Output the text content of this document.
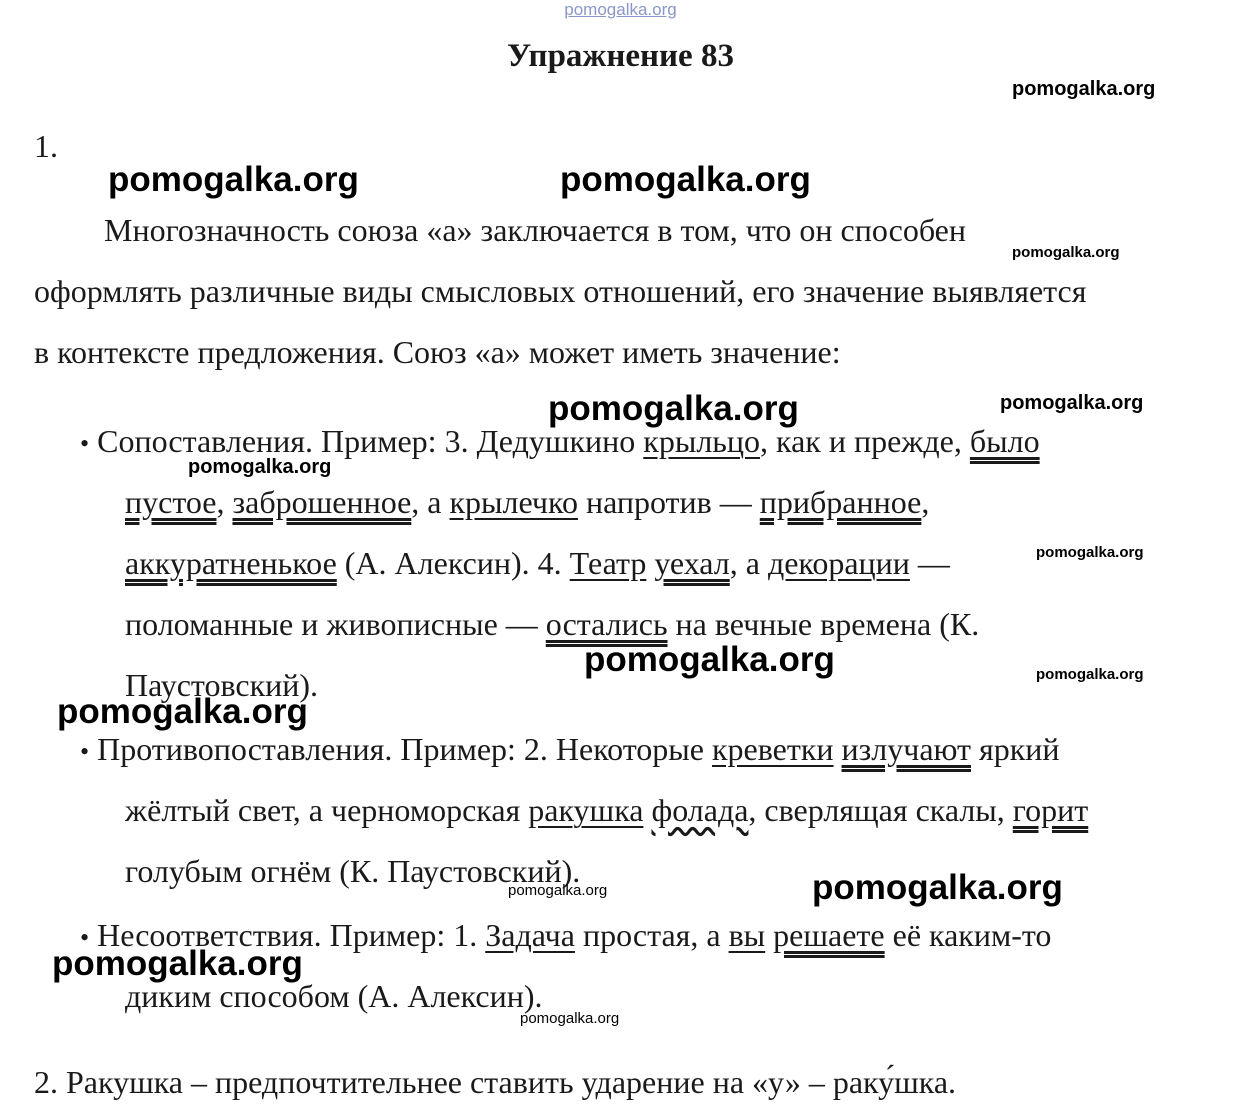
pomogalka.org
Упражнение 83
1.
Многозначность союза «а» заключается в том, что он способен
оформлять различные виды смысловых отношений, его значение выявляется
в контексте предложения. Союз «а» может иметь значение:
• Сопоставления. Пример: 3. Дедушкино крыльцо, как и прежде, было
пустое, заброшенное, а крылечко напротив — прибранное,
аккуратненькое (А. Алексин). 4. Театр уехал, а декорации —
поломанные и живописные — остались на вечные времена (К.
Паустовский).
• Противопоставления. Пример: 2. Некоторые креветки излучают яркий
жёлтый свет, а черноморская ракушка фолада, сверлящая скалы, горит
голубым огнём (К. Паустовский).
• Несоответствия. Пример: 1. Задача простая, а вы решаете её каким-то
диким способом (А. Алексин).
2. Ракушка – предпочтительнее ставить ударение на «у» – раку́шка.
pomogalka.org
pomogalka.org	pomogalka.org
pomogalka.org
pomogalka.org	pomogalka.org
pomogalka.org
pomogalka.org
pomogalka.org	pomogalka.org
pomogalka.org
pomogalka.org
pomogalka.org
pomogalka.org
pomogalka.org
